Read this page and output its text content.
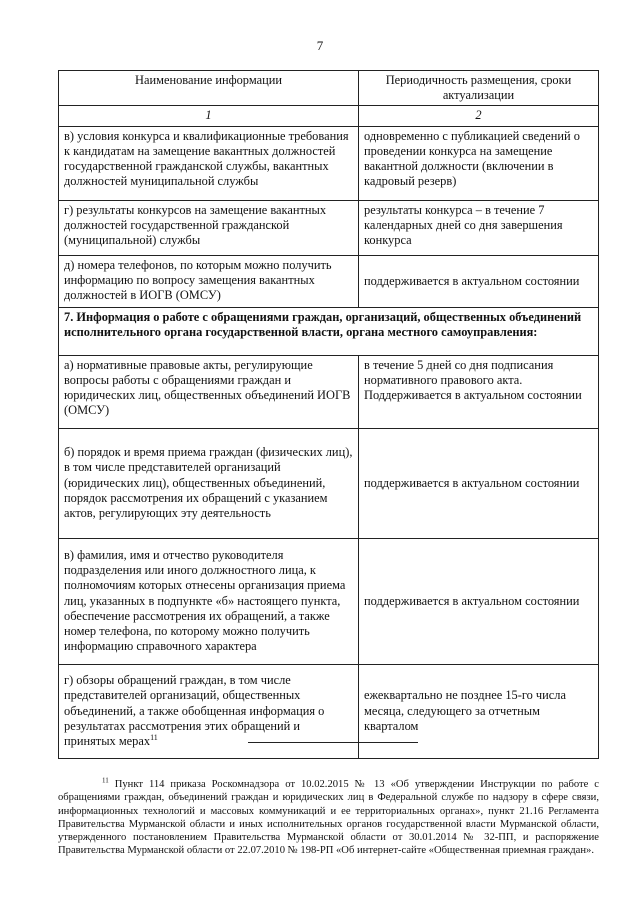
7
Наименование информации	Периодичность размещения, сроки актуализации
1	2
в) условия конкурса и квалификационные требования к кандидатам на замещение вакантных должностей государственной гражданской службы, вакантных должностей муниципальной службы	одновременно с публикацией сведений о проведении конкурса на замещение вакантной должности (включении в кадровый резерв)
г) результаты конкурсов на замещение вакантных должностей государственной гражданской (муниципальной) службы	результаты конкурса – в течение 7 календарных дней со дня завершения конкурса
д) номера телефонов, по которым можно получить информацию по вопросу замещения вакантных должностей в ИОГВ (ОМСУ)	поддерживается в актуальном состоянии
7. Информация о работе с обращениями граждан, организаций, общественных объединений исполнительного органа государственной власти, органа местного самоуправления:	
а) нормативные правовые акты, регулирующие вопросы работы с обращениями граждан и юридических лиц, общественных объединений ИОГВ (ОМСУ)	в течение 5 дней со дня подписания нормативного правового акта. Поддерживается в актуальном состоянии
б) порядок и время приема граждан (физических лиц), в том числе представителей организаций (юридических лиц), общественных объединений, порядок рассмотрения их обращений с указанием актов, регулирующих эту деятельность	поддерживается в актуальном состоянии
в) фамилия, имя и отчество руководителя подразделения или иного должностного лица, к полномочиям которых отнесены организация приема лиц, указанных в подпункте «б» настоящего пункта, обеспечение рассмотрения их обращений, а также номер телефона, по которому можно получить информацию справочного характера	поддерживается в актуальном состоянии
г) обзоры обращений граждан, в том числе представителей организаций, общественных объединений, а также обобщенная информация о результатах рассмотрения этих обращений и принятых мерах$^{11}$	ежеквартально не позднее 15-го числа месяца, следующего за отчетным кварталом
$^{11}$ Пункт 114 приказа Роскомнадзора от 10.02.2015 № 13 «Об утверждении Инструкции по работе с обращениями граждан, объединений граждан и юридических лиц в Федеральной службе по надзору в сфере связи, информационных технологий и массовых коммуникаций и ее территориальных органах», пункт 21.16 Регламента Правительства Мурманской области и иных исполнительных органов государственной власти Мурманской области, утвержденного постановлением Правительства Мурманской области от 30.01.2014 № 32-ПП, и распоряжение Правительства Мурманской области от 22.07.2010 № 198-РП «Об интернет-сайте «Общественная приемная граждан».
